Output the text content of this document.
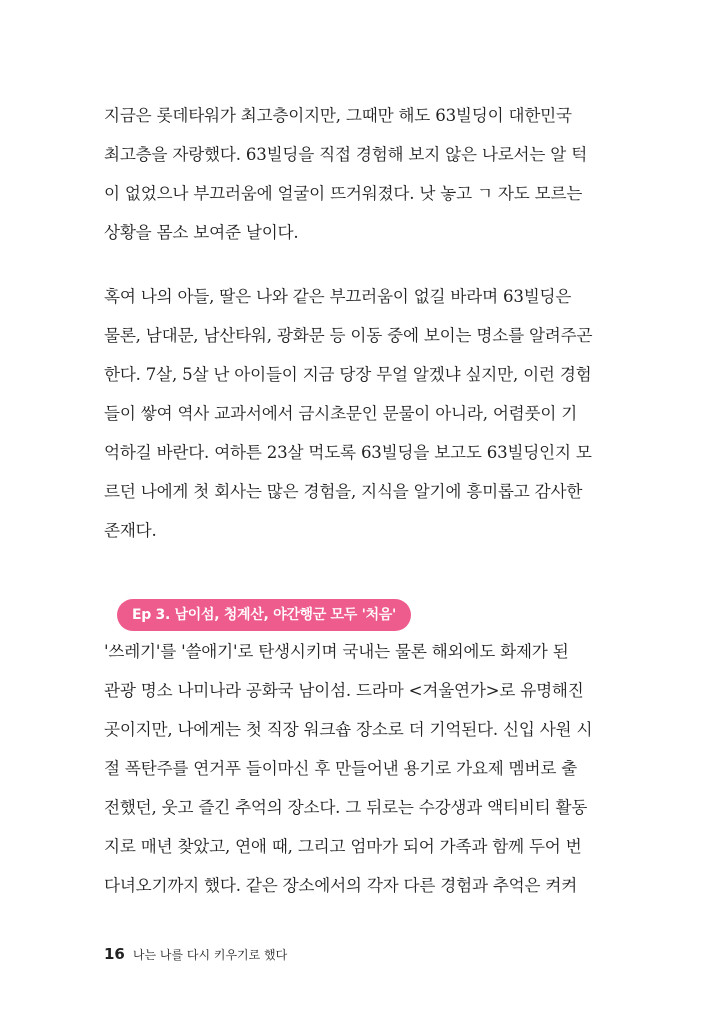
지금은 롯데타워가 최고층이지만, 그때만 해도 63빌딩이 대한민국
최고층을 자랑했다. 63빌딩을 직접 경험해 보지 않은 나로서는 알 턱
이 없었으나 부끄러움에 얼굴이 뜨거워졌다. 낫 놓고 ㄱ 자도 모르는
상황을 몸소 보여준 날이다.
혹여 나의 아들, 딸은 나와 같은 부끄러움이 없길 바라며 63빌딩은
물론, 남대문, 남산타워, 광화문 등 이동 중에 보이는 명소를 알려주곤
한다. 7살, 5살 난 아이들이 지금 당장 무얼 알겠냐 싶지만, 이런 경험
들이 쌓여 역사 교과서에서 금시초문인 문물이 아니라, 어렴풋이 기
억하길 바란다. 여하튼 23살 먹도록 63빌딩을 보고도 63빌딩인지 모
르던 나에게 첫 회사는 많은 경험을, 지식을 알기에 흥미롭고 감사한
존재다.
Ep 3. 남이섬, 청계산, 야간행군 모두 '처음'
'쓰레기'를 '쓸애기'로 탄생시키며 국내는 물론 해외에도 화제가 된
관광 명소 나미나라 공화국 남이섬. 드라마 <겨울연가>로 유명해진
곳이지만, 나에게는 첫 직장 워크숍 장소로 더 기억된다. 신입 사원 시
절 폭탄주를 연거푸 들이마신 후 만들어낸 용기로 가요제 멤버로 출
전했던, 웃고 즐긴 추억의 장소다. 그 뒤로는 수강생과 액티비티 활동
지로 매년 찾았고, 연애 때, 그리고 엄마가 되어 가족과 함께 두어 번
다녀오기까지 했다. 같은 장소에서의 각자 다른 경험과 추억은 켜켜
16 나는 나를 다시 키우기로 했다
